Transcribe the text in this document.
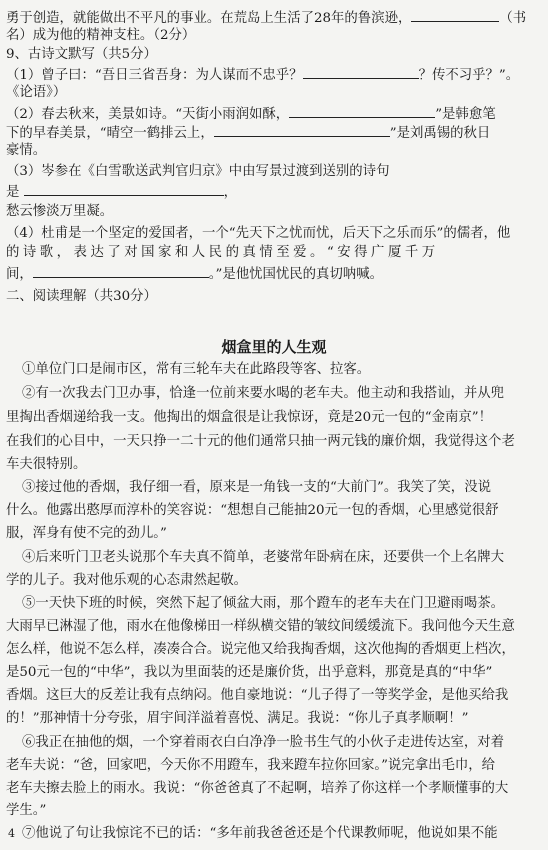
勇于创造，就能做出不平凡的事业。在荒岛上生活了28年的鲁滨逊，	（书
名）成为他的精神支柱。（2分）
9、古诗文默写（共5分）
（1）曾子曰：“吾日三省吾身：为人谋而不忠乎？	？传不习乎？”。
《论语》）
（2）春去秋来，美景如诗。“天街小雨润如酥，	”是韩愈笔
下的早春美景，“晴空一鹤排云上，	”是刘禹锡的秋日
豪情。
（3）岑参在《白雪歌送武判官归京》中由写景过渡到送别的诗句
是	，
愁云惨淡万里凝。
（4）杜甫是一个坚定的爱国者，一个“先天下之忧而忧，后天下之乐而乐”的儒者，他
的诗歌，表达了对国家和人民的真情至爱。“安得广厦千万
间，	。”是他忧国忧民的真切呐喊。
二、阅读理解（共30分）
烟盒里的人生观
①单位门口是闹市区，常有三轮车夫在此路段等客、拉客。
②有一次我去门卫办事，恰逢一位前来要水喝的老车夫。他主动和我搭讪，并从兜
里掏出香烟递给我一支。他掏出的烟盒很是让我惊讶，竟是20元一包的“金南京”！
在我们的心目中，一天只挣一二十元的他们通常只抽一两元钱的廉价烟，我觉得这个老
车夫很特别。
③接过他的香烟，我仔细一看，原来是一角钱一支的“大前门”。我笑了笑，没说
什么。他露出憨厚而淳朴的笑容说：“想想自己能抽20元一包的香烟，心里感觉很舒
服，浑身有使不完的劲儿。”
④后来听门卫老头说那个车夫真不简单，老婆常年卧病在床，还要供一个上名牌大
学的儿子。我对他乐观的心态肃然起敬。
⑤一天快下班的时候，突然下起了倾盆大雨，那个蹬车的老车夫在门卫避雨喝茶。
大雨早已淋湿了他，雨水在他像梯田一样纵横交错的皱纹间缓缓流下。我问他今天生意
怎么样，他说不怎么样，凑凑合合。说完他又给我掏香烟，这次他掏的香烟更上档次，
是50元一包的“中华”，我以为里面装的还是廉价货，出乎意料，那竟是真的“中华”
香烟。这巨大的反差让我有点纳闷。他自豪地说：“儿子得了一等奖学金，是他买给我
的！”那神情十分夸张，眉宇间洋溢着喜悦、满足。我说：“你儿子真孝顺啊！”
⑥我正在抽他的烟，一个穿着雨衣白白净净一脸书生气的小伙子走进传达室，对着
老车夫说：“爸，回家吧，今天你不用蹬车，我来蹬车拉你回家。”说完拿出毛巾，给
老车夫擦去脸上的雨水。我说：“你爸爸真了不起啊，培养了你这样一个孝顺懂事的大
学生。”
⑦他说了句让我惊诧不已的话：“多年前我爸爸还是个代课教师呢，他说如果不能
4
